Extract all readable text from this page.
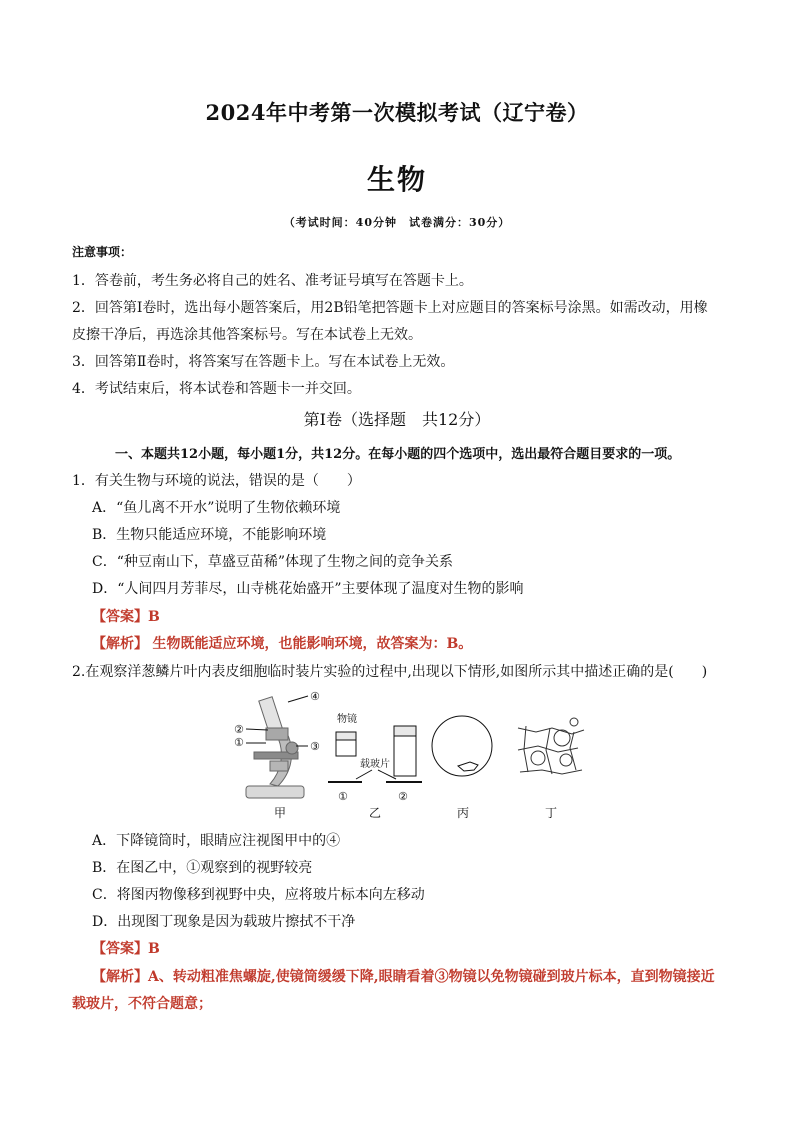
2024年中考第一次模拟考试（辽宁卷）
生物
（考试时间：40分钟　试卷满分：30分）
注意事项：
1．答卷前，考生务必将自己的姓名、准考证号填写在答题卡上。
2．回答第Ⅰ卷时，选出每小题答案后，用2B铅笔把答题卡上对应题目的答案标号涂黑。如需改动，用橡
皮擦干净后，再选涂其他答案标号。写在本试卷上无效。
3．回答第Ⅱ卷时，将答案写在答题卡上。写在本试卷上无效。
4．考试结束后，将本试卷和答题卡一并交回。
第Ⅰ卷（选择题　共12分）
一、本题共12小题，每小题1分，共12分。在每小题的四个选项中，选出最符合题目要求的一项。
1．有关生物与环境的说法，错误的是（　　）
A．“鱼儿离不开水”说明了生物依赖环境
B．生物只能适应环境，不能影响环境
C．“种豆南山下，草盛豆苗稀”体现了生物之间的竞争关系
D．“人间四月芳菲尽，山寺桃花始盛开”主要体现了温度对生物的影响
【答案】B
【解析】 生物既能适应环境，也能影响环境，故答案为：B。
2.在观察洋葱鳞片叶内表皮细胞临时装片实验的过程中,出现以下情形,如图所示其中描述正确的是(　　)
④
②
①	③
物镜
载玻片
①	②
甲	乙	丙	丁
A．下降镜筒时，眼睛应注视图甲中的④
B．在图乙中，①观察到的视野较亮
C．将图丙物像移到视野中央，应将玻片标本向左移动
D．出现图丁现象是因为载玻片擦拭不干净
【答案】B
【解析】A、转动粗准焦螺旋,使镜筒缓缓下降,眼睛看着③物镜以免物镜碰到玻片标本，直到物镜接近
载玻片，不符合题意；
